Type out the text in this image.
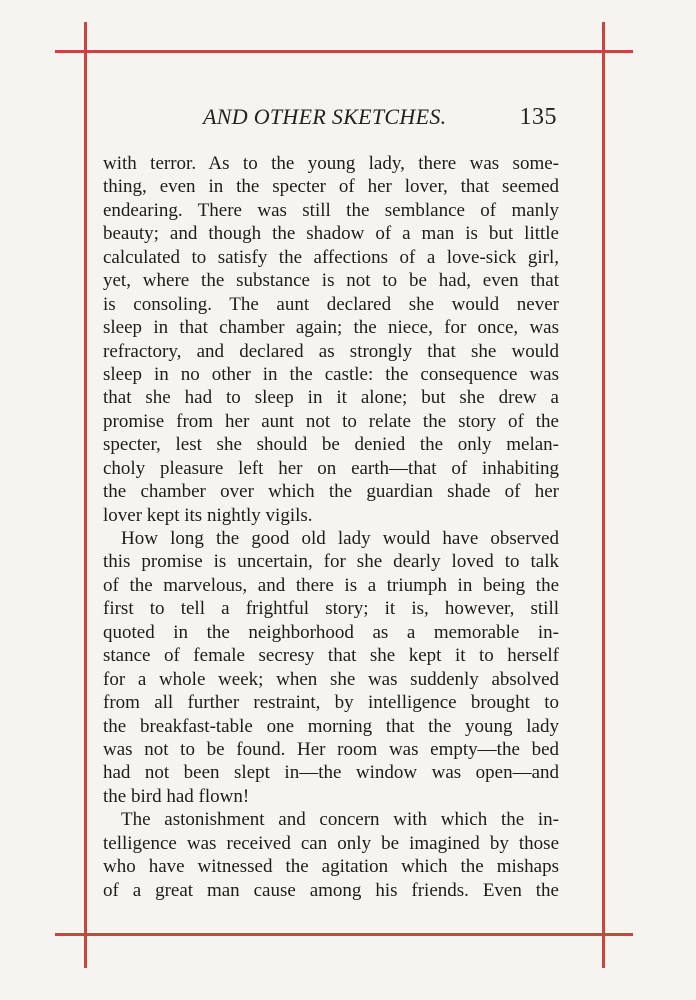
AND OTHER SKETCHES.	135
with terror. As to the young lady, there was some-
thing, even in the specter of her lover, that seemed
endearing. There was still the semblance of manly
beauty; and though the shadow of a man is but little
calculated to satisfy the affections of a love-sick girl,
yet, where the substance is not to be had, even that
is consoling. The aunt declared she would never
sleep in that chamber again; the niece, for once, was
refractory, and declared as strongly that she would
sleep in no other in the castle: the consequence was
that she had to sleep in it alone; but she drew a
promise from her aunt not to relate the story of the
specter, lest she should be denied the only melan-
choly pleasure left her on earth—that of inhabiting
the chamber over which the guardian shade of her
lover kept its nightly vigils.
How long the good old lady would have observed
this promise is uncertain, for she dearly loved to talk
of the marvelous, and there is a triumph in being the
first to tell a frightful story; it is, however, still
quoted in the neighborhood as a memorable in-
stance of female secresy that she kept it to herself
for a whole week; when she was suddenly absolved
from all further restraint, by intelligence brought to
the breakfast-table one morning that the young lady
was not to be found. Her room was empty—the bed
had not been slept in—the window was open—and
the bird had flown!
The astonishment and concern with which the in-
telligence was received can only be imagined by those
who have witnessed the agitation which the mishaps
of a great man cause among his friends. Even the
